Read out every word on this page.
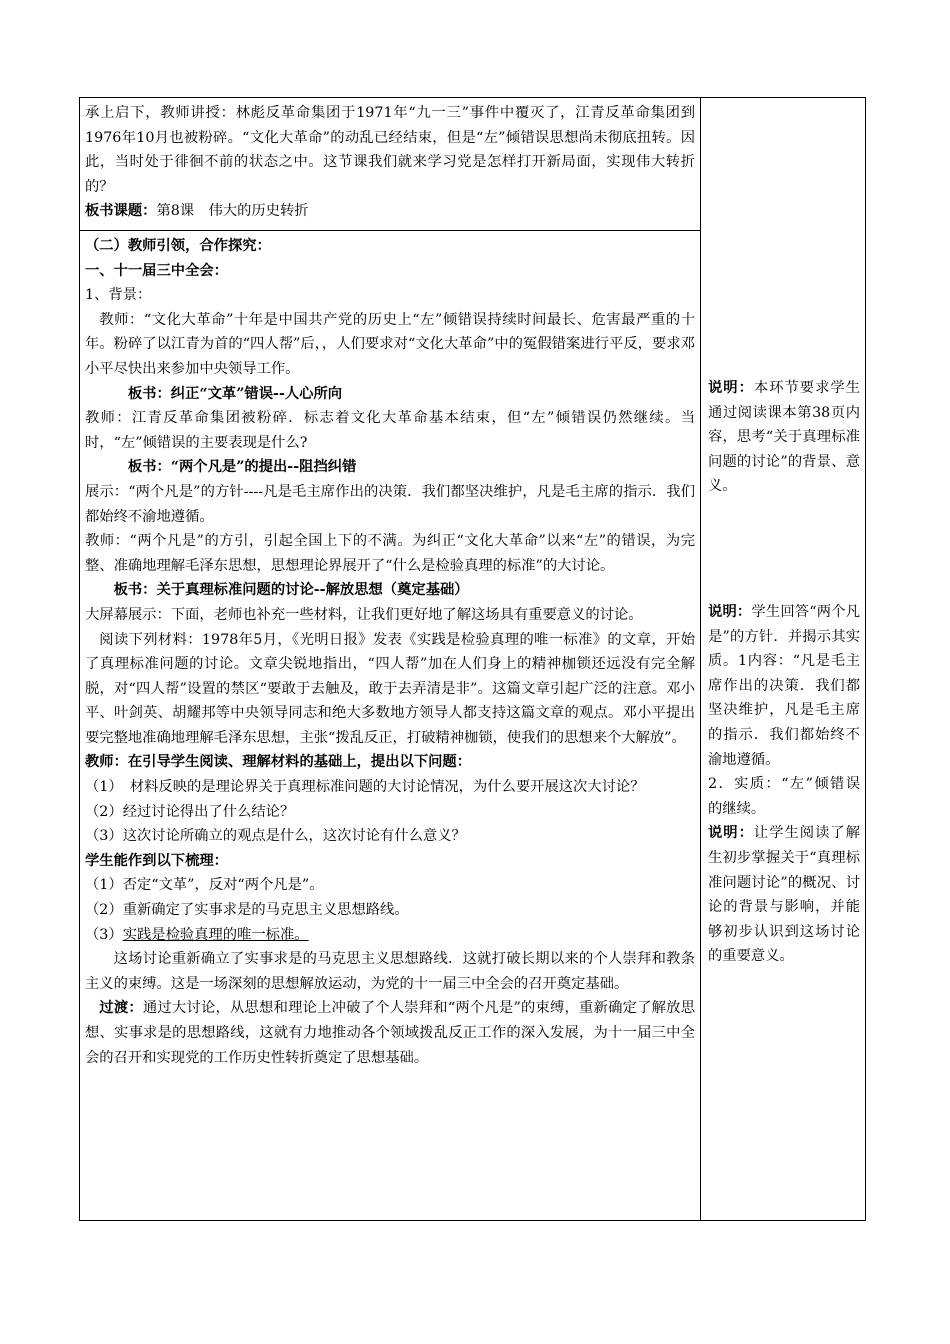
承上启下，教师讲授：林彪反革命集团于1971年“九一三”事件中覆灭了，江青反革命集团到1976年10月也被粉碎。“文化大革命”的动乱已经结束，但是“左”倾错误思想尚未彻底扭转。因此，当时处于徘徊不前的状态之中。这节课我们就来学习党是怎样打开新局面，实现伟大转折的？

板书课题：第8课　伟大的历史转折

（二）教师引领，合作探究：

一、十一届三中全会：

1、背景：

教师：“文化大革命”十年是中国共产党的历史上“左”倾错误持续时间最长、危害最严重的十年。粉碎了以江青为首的“四人帮”后，，人们要求对“文化大革命”中的冤假错案进行平反，要求邓小平尽快出来参加中央领导工作。

板书：纠正“文革”错误--人心所向

教师：江青反革命集团被粉碎．标志着文化大革命基本结束，但“左”倾错误仍然继续。当时，“左”倾错误的主要表现是什么?

板书：“两个凡是”的提出--阻挡纠错

展示：“两个凡是”的方针----凡是毛主席作出的决策．我们都坚决维护，凡是毛主席的指示．我们都始终不渝地遵循。

教师：“两个凡是”的方引，引起全国上下的不满。为纠正“文化大革命”以来“左”的错误，为完整、准确地理解毛泽东思想，思想理论界展开了“什么是检验真理的标准”的大讨论。

板书：关于真理标准问题的讨论--解放思想（奠定基础）

大屏幕展示：下面，老师也补充一些材料，让我们更好地了解这场具有重要意义的讨论。

阅读下列材料：1978年5月，《光明日报》发表《实践是检验真理的唯一标准》的文章，开始了真理标准问题的讨论。文章尖锐地指出，“四人帮”加在人们身上的精神枷锁还远没有完全解脱，对“四人帮”设置的禁区“要敢于去触及，敢于去弄清是非”。这篇文章引起广泛的注意。邓小平、叶剑英、胡耀邦等中央领导同志和绝大多数地方领导人都支持这篇文章的观点。邓小平提出要完整地准确地理解毛泽东思想，主张“拨乱反正，打破精神枷锁，使我们的思想来个大解放”。

教师：在引导学生阅读、理解材料的基础上，提出以下问题：

（1）　材料反映的是理论界关于真理标准问题的大讨论情况，为什么要开展这次大讨论？

（2）经过讨论得出了什么结论？

（3）这次讨论所确立的观点是什么，这次讨论有什么意义？

学生能作到以下梳理：

（1）否定“文革”，反对“两个凡是”。

（2）重新确定了实事求是的马克思主义思想路线。

（3）实践是检验真理的唯一标准。

这场讨论重新确立了实事求是的马克思主义思想路线．这就打破长期以来的个人崇拜和教条主义的束缚。这是一场深刻的思想解放运动，为党的十一届三中全会的召开奠定基础。

过渡：通过大讨论，从思想和理论上冲破了个人崇拜和“两个凡是”的束缚，重新确定了解放思想、实事求是的思想路线，这就有力地推动各个领域拨乱反正工作的深入发展，为十一届三中全会的召开和实现党的工作历史性转折奠定了思想基础。

说明：本环节要求学生通过阅读课本第38页内容，思考“关于真理标准问题的讨论”的背景、意义。

说明：学生回答“两个凡是”的方针．并揭示其实质。1内容：“凡是毛主席作出的决策．我们都坚决维护，凡是毛主席的指示．我们都始终不渝地遵循。

2．实质：“左”倾错误的继续。

说明：让学生阅读了解生初步掌握关于“真理标准问题讨论”的概况、讨论的背景与影响，并能够初步认识到这场讨论的重要意义。
